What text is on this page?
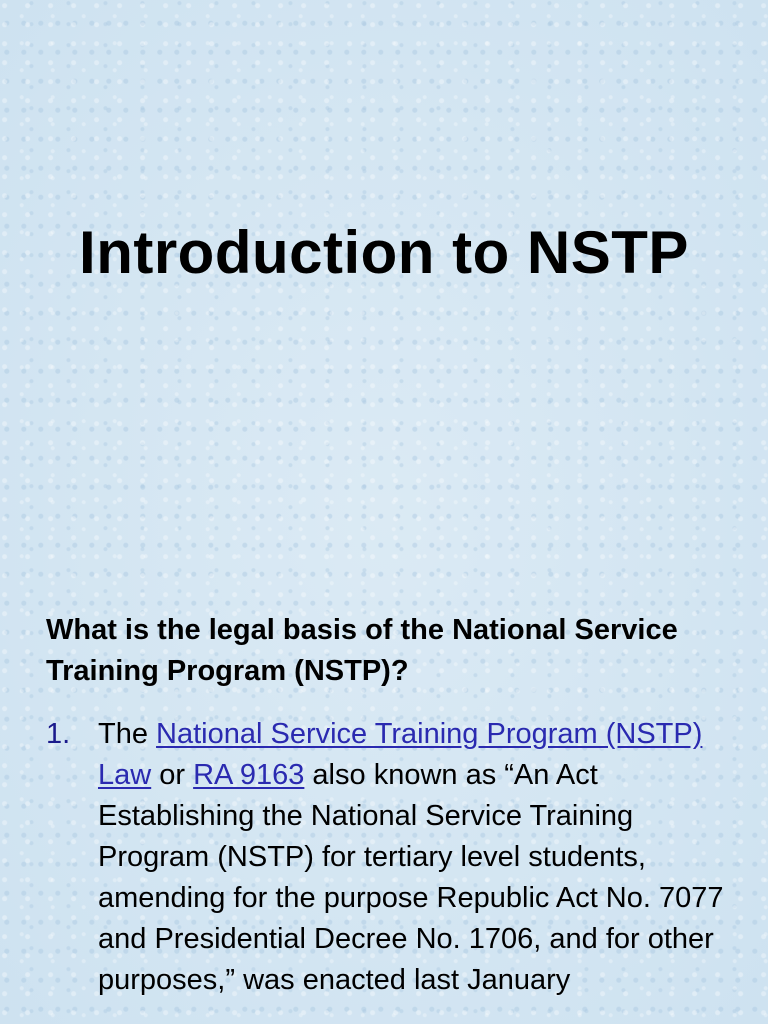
Introduction to NSTP

What is the legal basis of the National Service Training Program (NSTP)?

1. The National Service Training Program (NSTP) Law or RA 9163 also known as “An Act Establishing the National Service Training Program (NSTP) for tertiary level students, amending for the purpose Republic Act No. 7077 and Presidential Decree No. 1706, and for other purposes,” was enacted last January
